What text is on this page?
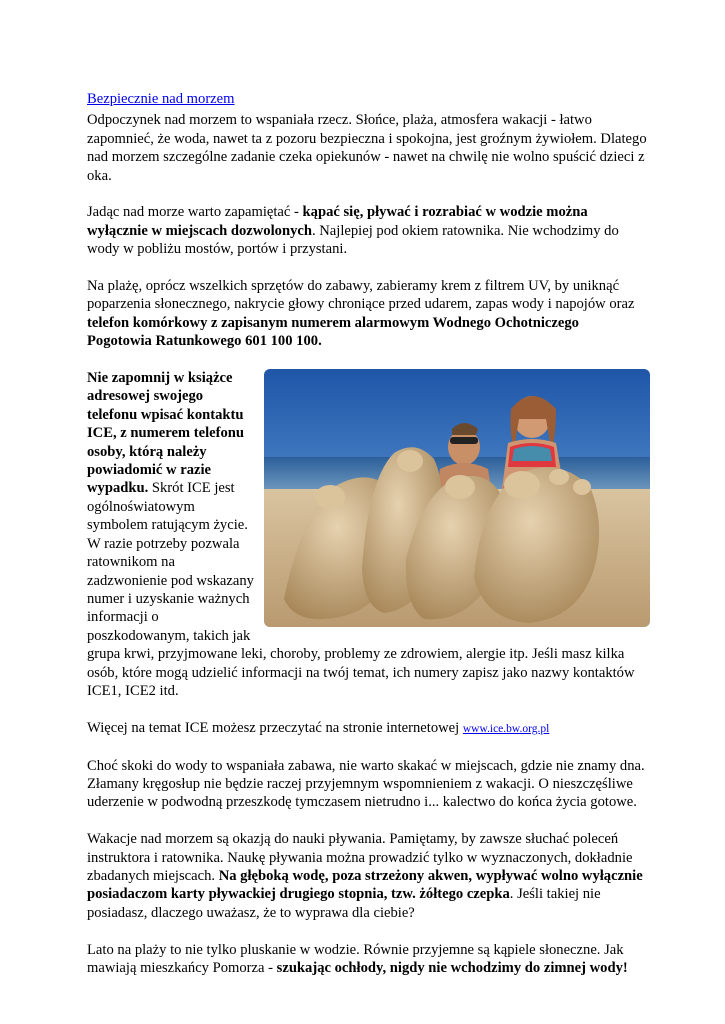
Bezpiecznie nad morzem

Odpoczynek nad morzem to wspaniała rzecz. Słońce, plaża, atmosfera wakacji - łatwo zapomnieć, że woda, nawet ta z pozoru bezpieczna i spokojna, jest groźnym żywiołem. Dlatego nad morzem szczególne zadanie czeka opiekunów - nawet na chwilę nie wolno spuścić dzieci z oka.

Jadąc nad morze warto zapamiętać - kąpać się, pływać i rozrabiać w wodzie można wyłącznie w miejscach dozwolonych. Najlepiej pod okiem ratownika. Nie wchodzimy do wody w pobliżu mostów, portów i przystani.

Na plażę, oprócz wszelkich sprzętów do zabawy, zabieramy krem z filtrem UV, by uniknąć poparzenia słonecznego, nakrycie głowy chroniące przed udarem, zapas wody i napojów oraz telefon komórkowy z zapisanym numerem alarmowym Wodnego Ochotniczego Pogotowia Ratunkowego 601 100 100.

Nie zapomnij w książce adresowej swojego telefonu wpisać kontaktu ICE, z numerem telefonu osoby, którą należy powiadomić w razie wypadku. Skrót ICE jest ogólnoświatowym symbolem ratującym życie. W razie potrzeby pozwala ratownikom na zadzwonienie pod wskazany numer i uzyskanie ważnych informacji o poszkodowanym, takich jak grupa krwi, przyjmowane leki, choroby, problemy ze zdrowiem, alergie itp. Jeśli masz kilka osób, które mogą udzielić informacji na twój temat, ich numery zapisz jako nazwy kontaktów ICE1, ICE2 itd.

Więcej na temat ICE możesz przeczytać na stronie internetowej www.ice.bw.org.pl

Choć skoki do wody to wspaniała zabawa, nie warto skakać w miejscach, gdzie nie znamy dna. Złamany kręgosłup nie będzie raczej przyjemnym wspomnieniem z wakacji. O nieszczęśliwe uderzenie w podwodną przeszkodę tymczasem nietrudno i... kalectwo do końca życia gotowe.

Wakacje nad morzem są okazją do nauki pływania. Pamiętamy, by zawsze słuchać poleceń instruktora i ratownika. Naukę pływania można prowadzić tylko w wyznaczonych, dokładnie zbadanych miejscach. Na głęboką wodę, poza strzeżony akwen, wypływać wolno wyłącznie posiadaczom karty pływackiej drugiego stopnia, tzw. żółtego czepka. Jeśli takiej nie posiadasz, dlaczego uważasz, że to wyprawa dla ciebie?

Lato na plaży to nie tylko pluskanie w wodzie. Równie przyjemne są kąpiele słoneczne. Jak mawiają mieszkańcy Pomorza - szukając ochłody, nigdy nie wchodzimy do zimnej wody!
